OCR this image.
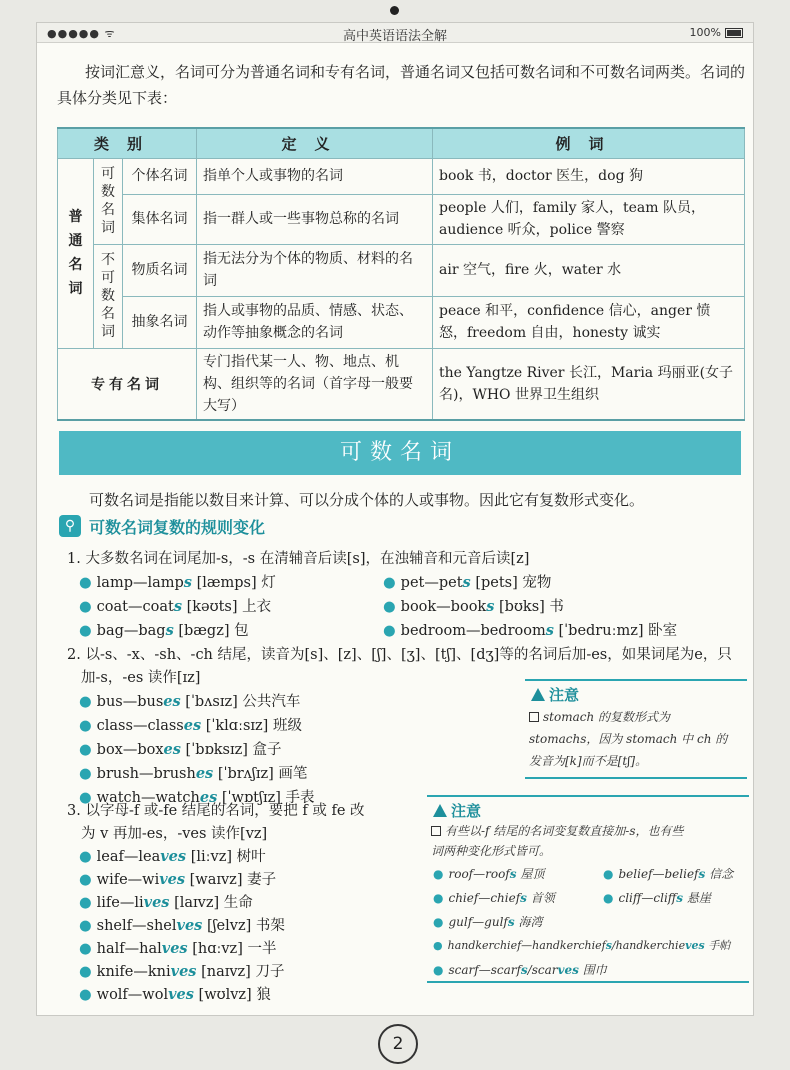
●●●●● ᯤ	高中英语语法全解	100%

按词汇意义，名词可分为普通名词和专有名词，普通名词又包括可数名词和不可数名词两类。名词的具体分类见下表：

类别			定义	例词
普通名词	可数名词	个体名词	指单个人或事物的名词	book 书，doctor 医生，dog 狗
		集体名词	指一群人或一些事物总称的名词	people 人们，family 家人，team 队员，audience 听众，police 警察
	不可数名词	物质名词	指无法分为个体的物质、材料的名词	air 空气，fire 火，water 水
		抽象名词	指人或事物的品质、情感、状态、动作等抽象概念的名词	peace 和平，confidence 信心，anger 愤怒，freedom 自由，honesty 诚实
专有名词			专门指代某一人、物、地点、机构、组织等的名词（首字母一般要大写）	the Yangtze River 长江，Maria 玛丽亚(女子名)，WHO 世界卫生组织
可数名词

可数名词是指能以数目来计算、可以分成个体的人或事物。因此它有复数形式变化。

⚲ 可数名词复数的规则变化
1. 大多数名词在词尾加-s，-s 在清辅音后读[s]，在浊辅音和元音后读[z]
● lamp—lamps [læmps] 灯	● pet—pets [pets] 宠物
● coat—coats [kəʊts] 上衣	● book—books [bʊks] 书
● bag—bags [bægz] 包	● bedroom—bedrooms [ˈbedruːmz] 卧室
2. 以-s、-x、-sh、-ch 结尾，读音为[s]、[z]、[ʃ]、[ʒ]、[tʃ]、[dʒ]等的名词后加-es，如果词尾为e，只
加-s，-es 读作[ɪz]
● bus—buses [ˈbʌsɪz] 公共汽车
● class—classes [ˈklɑːsɪz] 班级
● box—boxes [ˈbɒksɪz] 盒子
● brush—brushes [ˈbrʌʃɪz] 画笔
● watch—watches [ˈwɒtʃɪz] 手表
注意
stomach 的复数形式为
stomachs，因为 stomach 中 ch 的
发音为[k]而不是[tʃ]。
3. 以字母-f 或-fe 结尾的名词，要把 f 或 fe 改
为 v 再加-es，-ves 读作[vz]
● leaf—leaves [liːvz] 树叶
● wife—wives [waɪvz] 妻子
● life—lives [laɪvz] 生命
● shelf—shelves [ʃelvz] 书架
● half—halves [hɑːvz] 一半
● knife—knives [naɪvz] 刀子
● wolf—wolves [wʊlvz] 狼
注意
有些以-f 结尾的名词变复数直接加-s，也有些
词两种变化形式皆可。
● roof—roofs 屋顶	● belief—beliefs 信念
● chief—chiefs 首领	● cliff—cliffs 悬崖
● gulf—gulfs 海湾
● handkerchief—handkerchiefs/handkerchieves 手帕
● scarf—scarfs/scarves 围巾
2
